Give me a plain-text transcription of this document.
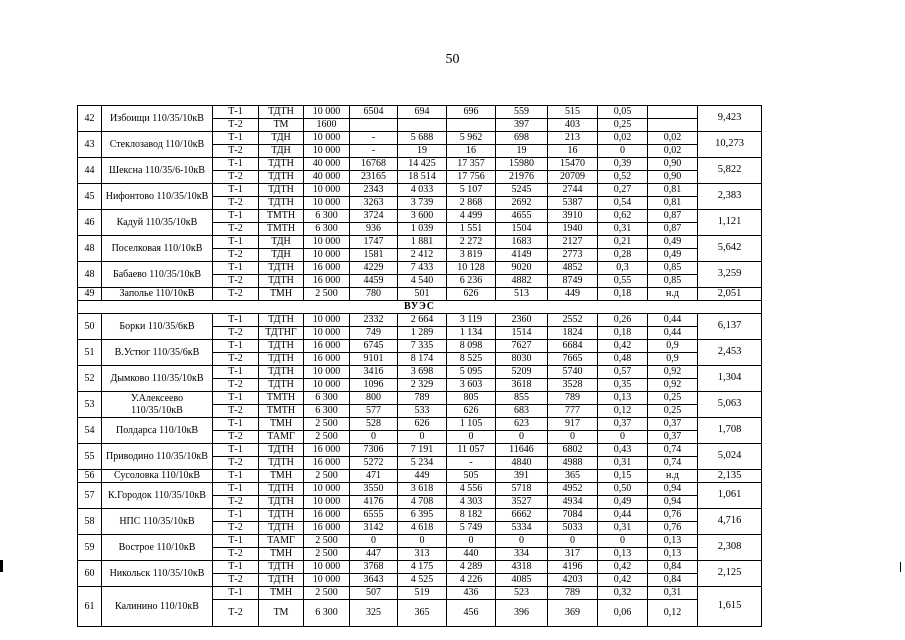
50
42	Избоищи 110/35/10кВ	Т-1	ТДТН	10 000	6504	694	696	559	515	0,05		9,423
		Т-2	ТМ	1600				397	403	0,25		
43	Стеклозавод 110/10кВ	Т-1	ТДН	10 000	-	5 688	5 962	698	213	0,02	0,02	10,273
		Т-2	ТДН	10 000	-	19	16	19	16	0	0,02	
44	Шексна 110/35/6-10кВ	Т-1	ТДТН	40 000	16768	14 425	17 357	15980	15470	0,39	0,90	5,822
		Т-2	ТДТН	40 000	23165	18 514	17 756	21976	20709	0,52	0,90	
45	Нифонтово 110/35/10кВ	Т-1	ТДТН	10 000	2343	4 033	5 107	5245	2744	0,27	0,81	2,383
		Т-2	ТДТН	10 000	3263	3 739	2 868	2692	5387	0,54	0,81	
46	Кадуй 110/35/10кВ	Т-1	ТМТН	6 300	3724	3 600	4 499	4655	3910	0,62	0,87	1,121
		Т-2	ТМТН	6 300	936	1 039	1 551	1504	1940	0,31	0,87	
48	Поселковая 110/10кВ	Т-1	ТДН	10 000	1747	1 881	2 272	1683	2127	0,21	0,49	5,642
		Т-2	ТДН	10 000	1581	2 412	3 819	4149	2773	0,28	0,49	
48	Бабаево 110/35/10кВ	Т-1	ТДТН	16 000	4229	7 433	10 128	9020	4852	0,3	0,85	3,259
		Т-2	ТДТН	16 000	4459	4 540	6 236	4882	8749	0,55	0,85	
49	Заполье 110/10кВ	Т-2	ТМН	2 500	780	501	626	513	449	0,18	н.д	2,051
ВУЭС												
50	Борки 110/35/6кВ	Т-1	ТДТН	10 000	2332	2 664	3 119	2360	2552	0,26	0,44	6,137
		Т-2	ТДТНГ	10 000	749	1 289	1 134	1514	1824	0,18	0,44	
51	В.Устюг 110/35/6кВ	Т-1	ТДТН	16 000	6745	7 335	8 098	7627	6684	0,42	0,9	2,453
		Т-2	ТДТН	16 000	9101	8 174	8 525	8030	7665	0,48	0,9	
52	Дымково 110/35/10кВ	Т-1	ТДТН	10 000	3416	3 698	5 095	5209	5740	0,57	0,92	1,304
		Т-2	ТДТН	10 000	1096	2 329	3 603	3618	3528	0,35	0,92	
53	У.Алексеево 110/35/10кВ	Т-1	ТМТН	6 300	800	789	805	855	789	0,13	0,25	5,063
		Т-2	ТМТН	6 300	577	533	626	683	777	0,12	0,25	
54	Полдарса 110/10кВ	Т-1	ТМН	2 500	528	626	1 105	623	917	0,37	0,37	1,708
		Т-2	ТАМГ	2 500	0	0	0	0	0	0	0,37	
55	Приводино 110/35/10кВ	Т-1	ТДТН	16 000	7306	7 191	11 057	11646	6802	0,43	0,74	5,024
		Т-2	ТДТН	16 000	5272	5 234	-	4840	4988	0,31	0,74	
56	Сусоловка 110/10кВ	Т-1	ТМН	2 500	471	449	505	391	365	0,15	н.д	2,135
57	К.Городок 110/35/10кВ	Т-1	ТДТН	10 000	3550	3 618	4 556	5718	4952	0,50	0,94	1,061
		Т-2	ТДТН	10 000	4176	4 708	4 303	3527	4934	0,49	0,94	
58	НПС 110/35/10кВ	Т-1	ТДТН	16 000	6555	6 395	8 182	6662	7084	0,44	0,76	4,716
		Т-2	ТДТН	16 000	3142	4 618	5 749	5334	5033	0,31	0,76	
59	Вострое 110/10кВ	Т-1	ТАМГ	2 500	0	0	0	0	0	0	0,13	2,308
		Т-2	ТМН	2 500	447	313	440	334	317	0,13	0,13	
60	Никольск 110/35/10кВ	Т-1	ТДТН	10 000	3768	4 175	4 289	4318	4196	0,42	0,84	2,125
		Т-2	ТДТН	10 000	3643	4 525	4 226	4085	4203	0,42	0,84	
61	Калинино 110/10кВ	Т-1	ТМН	2 500	507	519	436	523	789	0,32	0,31	1,615
		Т-2	ТМ	6 300	325	365	456	396	369	0,06	0,12	
